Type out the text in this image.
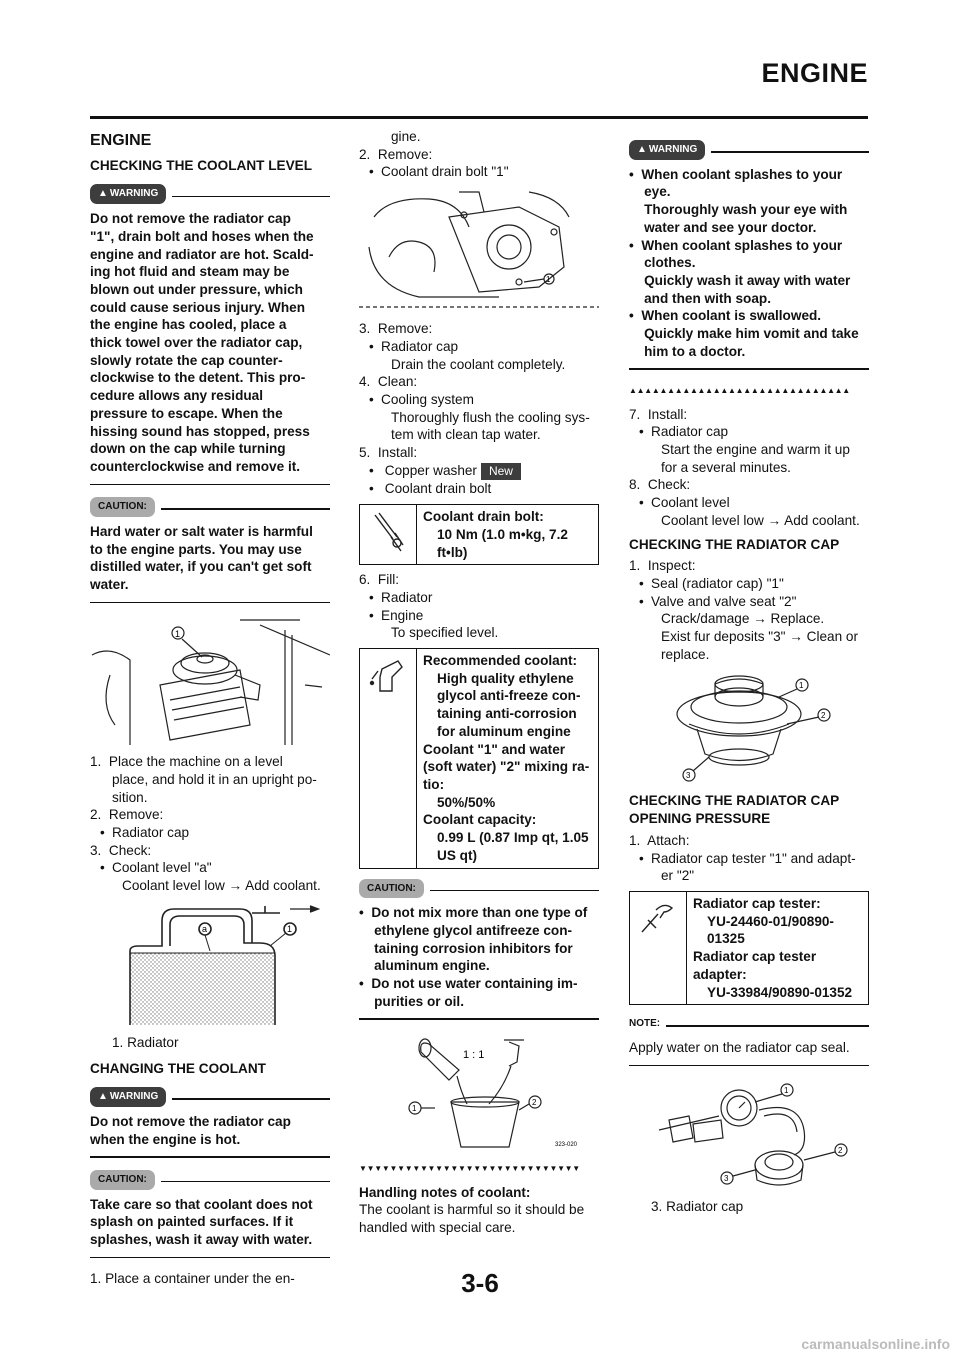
ENGINE
ENGINE
CHECKING THE COOLANT LEVEL
▲ WARNING
Do not remove the radiator cap
"1", drain bolt and hoses when the
engine and radiator are hot. Scald-
ing hot fluid and steam may be
blown out under pressure, which
could cause serious injury. When
the engine has cooled, place a
thick towel over the radiator cap,
slowly rotate the cap counter-
clockwise to the detent. This pro-
cedure allows any residual
pressure to escape. When the
hissing sound has stopped, press
down on the cap while turning
counterclockwise and remove it.
CAUTION:
Hard water or salt water is harmful
to the engine parts. You may use
distilled water, if you can't get soft
water.
1
1. Place the machine on a level
place, and hold it in an upright po-
sition.
2. Remove:
• Radiator cap
3. Check:
• Coolant level "a"
Coolant level low → Add coolant.
a	1
1. Radiator
CHANGING THE COOLANT
▲ WARNING
Do not remove the radiator cap
when the engine is hot.
CAUTION:
Take care so that coolant does not
splash on painted surfaces. If it
splashes, wash it away with water.
1. Place a container under the en-
gine.
2. Remove:
• Coolant drain bolt "1"
1
3. Remove:
• Radiator cap
Drain the coolant completely.
4. Clean:
• Cooling system
Thoroughly flush the cooling sys-
tem with clean tap water.
5. Install:
• Copper washer New
• Coolant drain bolt
Coolant drain bolt:
10 Nm (1.0 m•kg, 7.2
ft•lb)
6. Fill:
• Radiator
• Engine
To specified level.
Recommended coolant:
High quality ethylene
glycol anti-freeze con-
taining anti-corrosion
for aluminum engine
Coolant "1" and water
(soft water) "2" mixing ra-
tio:
50%/50%
Coolant capacity:
0.99 L (0.87 Imp qt, 1.05
US qt)
CAUTION:
•  Do not mix more than one type of
ethylene glycol antifreeze con-
taining corrosion inhibitors for
aluminum engine.
•  Do not use water containing im-
purities or oil.
1 : 1
1
2
323-020
▼▼▼▼▼▼▼▼▼▼▼▼▼▼▼▼▼▼▼▼▼▼▼▼▼▼▼▼▼
Handling notes of coolant:
The coolant is harmful so it should be
handled with special care.
▲ WARNING
•  When coolant splashes to your
eye.
Thoroughly wash your eye with
water and see your doctor.
•  When coolant splashes to your
clothes.
Quickly wash it away with water
and then with soap.
•  When coolant is swallowed.
Quickly make him vomit and take
him to a doctor.
▲▲▲▲▲▲▲▲▲▲▲▲▲▲▲▲▲▲▲▲▲▲▲▲▲▲▲▲▲
7. Install:
• Radiator cap
Start the engine and warm it up
for a several minutes.
8. Check:
• Coolant level
Coolant level low → Add coolant.
CHECKING THE RADIATOR CAP
1. Inspect:
• Seal (radiator cap) "1"
• Valve and valve seat "2"
Crack/damage → Replace.
Exist fur deposits "3" → Clean or
replace.
1
2
3
CHECKING THE RADIATOR CAP
OPENING PRESSURE
1. Attach:
• Radiator cap tester "1" and adapt-
er "2"
Radiator cap tester:
YU-24460-01/90890-
01325
Radiator cap tester
adapter:
YU-33984/90890-01352
NOTE:
Apply water on the radiator cap seal.
1
2
3
3. Radiator cap
3-6
carmanualsonline.info
